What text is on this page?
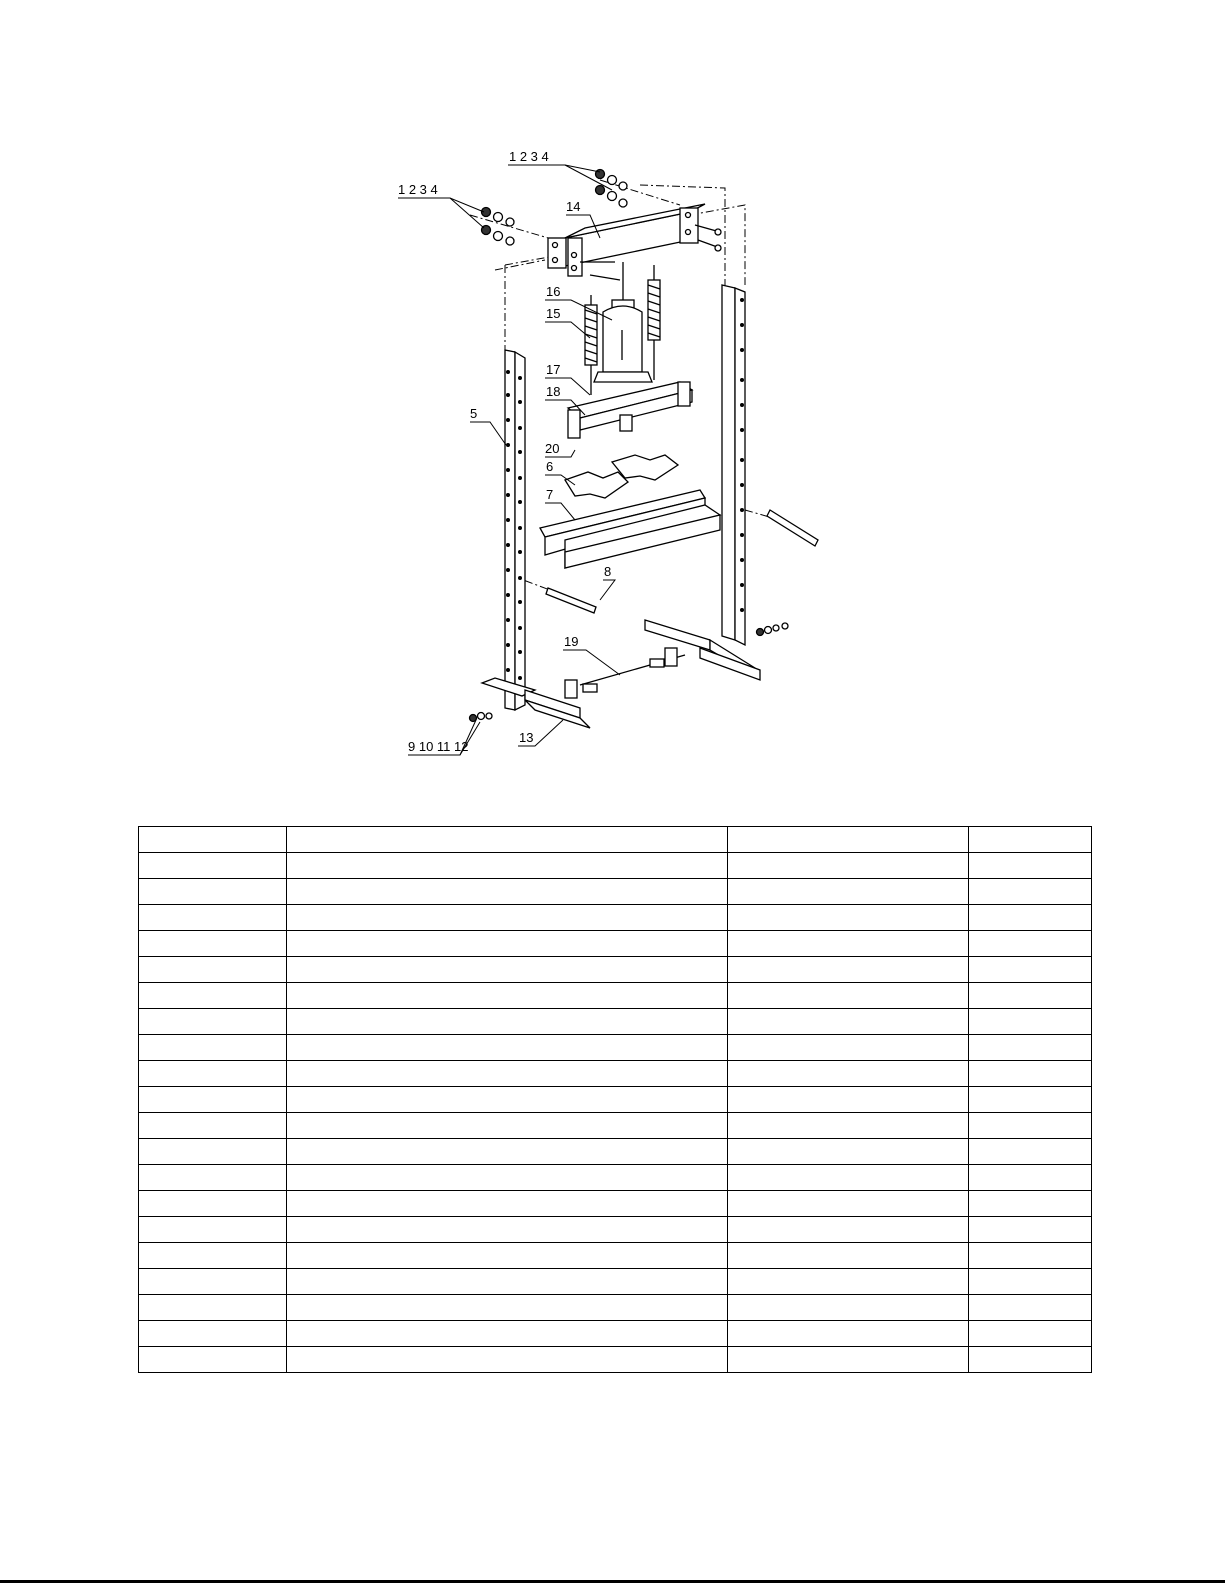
1 2 3 4
1 2 3 4
14
16
15
17
18
5
20
6
7
8
19
13
9 10 11 12
